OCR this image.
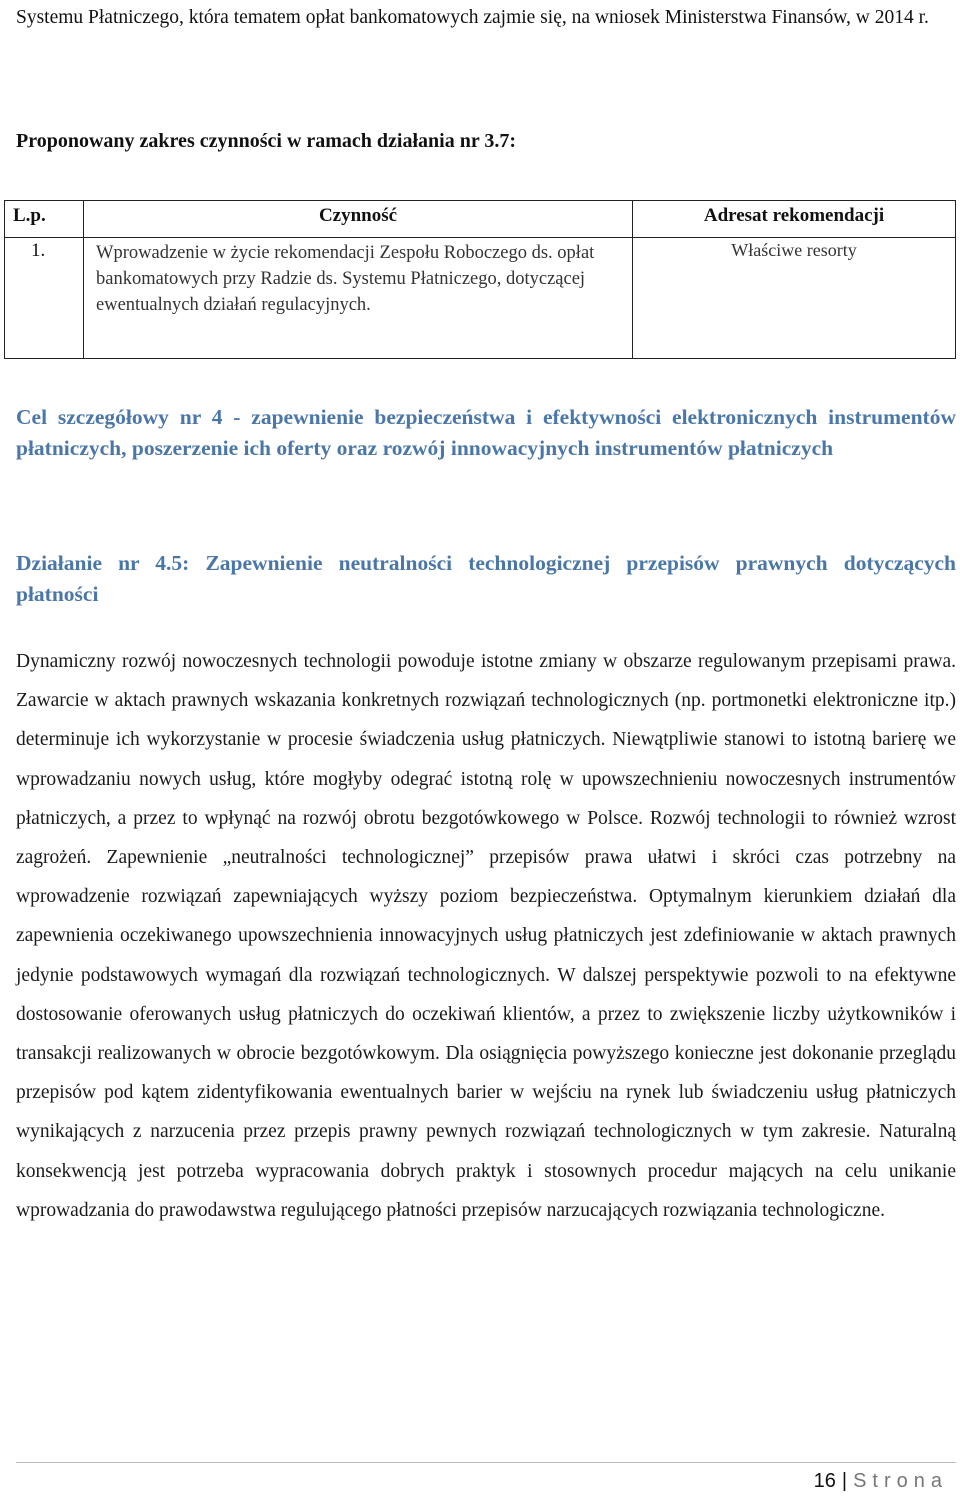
Systemu Płatniczego, która tematem opłat bankomatowych zajmie się, na wniosek Ministerstwa Finansów, w 2014 r.

Proponowany zakres czynności w ramach działania nr 3.7:

L.p.	Czynność	Adresat rekomendacji
1.	Wprowadzenie w życie rekomendacji Zespołu Roboczego ds. opłat bankomatowych przy Radzie ds. Systemu Płatniczego, dotyczącej ewentualnych działań regulacyjnych.	Właściwe resorty

Cel szczegółowy nr 4 - zapewnienie bezpieczeństwa i efektywności elektronicznych instrumentów płatniczych, poszerzenie ich oferty oraz rozwój innowacyjnych instrumentów płatniczych

Działanie nr 4.5: Zapewnienie neutralności technologicznej przepisów prawnych dotyczących płatności

Dynamiczny rozwój nowoczesnych technologii powoduje istotne zmiany w obszarze regulowanym przepisami prawa. Zawarcie w aktach prawnych wskazania konkretnych rozwiązań technologicznych (np. portmonetki elektroniczne itp.) determinuje ich wykorzystanie w procesie świadczenia usług płatniczych. Niewątpliwie stanowi to istotną barierę we wprowadzaniu nowych usług, które mogłyby odegrać istotną rolę w upowszechnieniu nowoczesnych instrumentów płatniczych, a przez to wpłynąć na rozwój obrotu bezgotówkowego w Polsce. Rozwój technologii to również wzrost zagrożeń. Zapewnienie „neutralności technologicznej” przepisów prawa ułatwi i skróci czas potrzebny na wprowadzenie rozwiązań zapewniających wyższy poziom bezpieczeństwa. Optymalnym kierunkiem działań dla zapewnienia oczekiwanego upowszechnienia innowacyjnych usług płatniczych jest zdefiniowanie w aktach prawnych jedynie podstawowych wymagań dla rozwiązań technologicznych. W dalszej perspektywie pozwoli to na efektywne dostosowanie oferowanych usług płatniczych do oczekiwań klientów, a przez to zwiększenie liczby użytkowników i transakcji realizowanych w obrocie bezgotówkowym. Dla osiągnięcia powyższego konieczne jest dokonanie przeglądu przepisów pod kątem zidentyfikowania ewentualnych barier w wejściu na rynek lub świadczeniu usług płatniczych wynikających z narzucenia przez przepis prawny pewnych rozwiązań technologicznych w tym zakresie. Naturalną konsekwencją jest potrzeba wypracowania dobrych praktyk i stosownych procedur mających na celu unikanie wprowadzania do prawodawstwa regulującego płatności przepisów narzucających rozwiązania technologiczne.

16 | Strona
